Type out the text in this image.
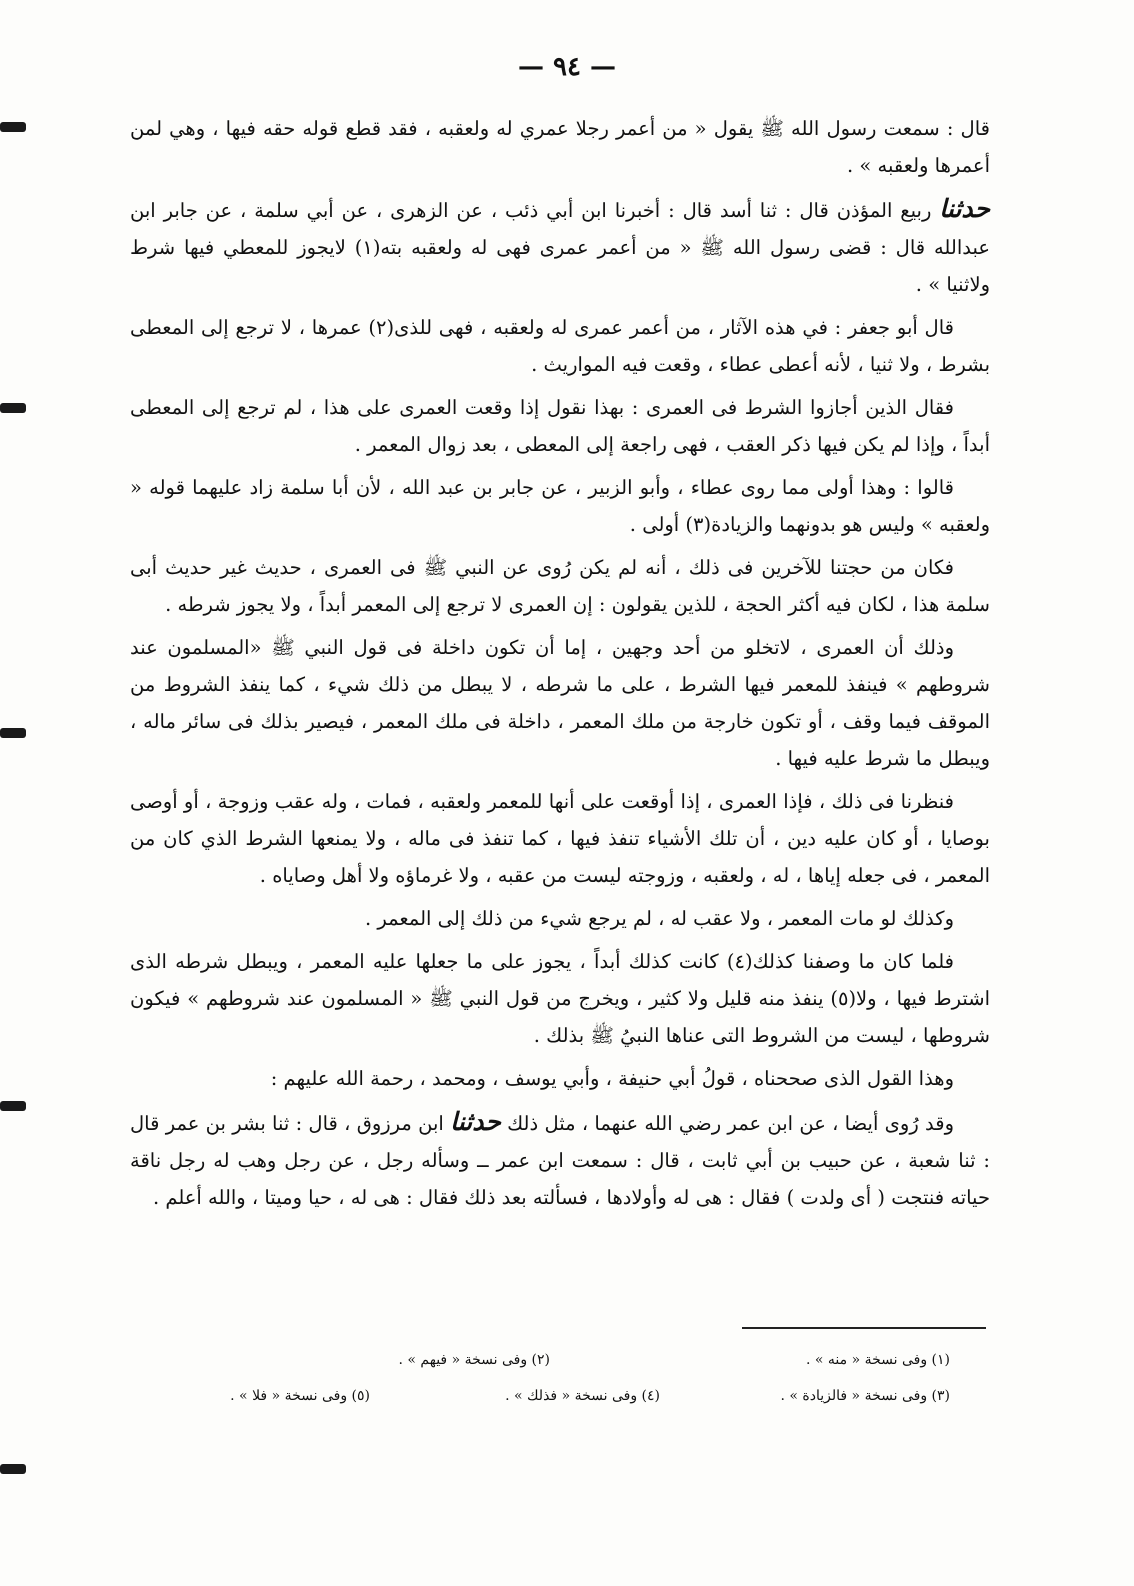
— ٩٤ —

قال : سمعت رسول الله ﷺ يقول « من أعمر رجلا عمري له ولعقبه ، فقد قطع قوله حقه فيها ، وهي لمن أعمرها ولعقبه » .

حدثنا ربيع المؤذن قال : ثنا أسد قال : أخبرنا ابن أبي ذئب ، عن الزهرى ، عن أبي سلمة ، عن جابر ابن عبدالله قال : قضى رسول الله ﷺ « من أعمر عمرى فهى له ولعقبه بته(١) لايجوز للمعطي فيها شرط ولاثنيا » .

قال أبو جعفر : في هذه الآثار ، من أعمر عمرى له ولعقبه ، فهى للذى(٢) عمرها ، لا ترجع إلى المعطى بشرط ، ولا ثنيا ، لأنه أعطى عطاء ، وقعت فيه المواريث .

فقال الذين أجازوا الشرط فى العمرى : بهذا نقول إذا وقعت العمرى على هذا ، لم ترجع إلى المعطى أبداً ، وإذا لم يكن فيها ذكر العقب ، فهى راجعة إلى المعطى ، بعد زوال المعمر .

قالوا : وهذا أولى مما روى عطاء ، وأبو الزبير ، عن جابر بن عبد الله ، لأن أبا سلمة زاد عليهما قوله « ولعقبه » وليس هو بدونهما والزيادة(٣) أولى .

فكان من حجتنا للآخرين فى ذلك ، أنه لم يكن رُوى عن النبي ﷺ فى العمرى ، حديث غير حديث أبى سلمة هذا ، لكان فيه أكثر الحجة ، للذين يقولون : إن العمرى لا ترجع إلى المعمر أبداً ، ولا يجوز شرطه .

وذلك أن العمرى ، لاتخلو من أحد وجهين ، إما أن تكون داخلة فى قول النبي ﷺ «المسلمون عند شروطهم » فينفذ للمعمر فيها الشرط ، على ما شرطه ، لا يبطل من ذلك شيء ، كما ينفذ الشروط من الموقف فيما وقف ، أو تكون خارجة من ملك المعمر ، داخلة فى ملك المعمر ، فيصير بذلك فى سائر ماله ، ويبطل ما شرط عليه فيها .

فنظرنا فى ذلك ، فإذا العمرى ، إذا أوقعت على أنها للمعمر ولعقبه ، فمات ، وله عقب وزوجة ، أو أوصى بوصايا ، أو كان عليه دين ، أن تلك الأشياء تنفذ فيها ، كما تنفذ فى ماله ، ولا يمنعها الشرط الذي كان من المعمر ، فى جعله إياها ، له ، ولعقبه ، وزوجته ليست من عقبه ، ولا غرماؤه ولا أهل وصاياه .

وكذلك لو مات المعمر ، ولا عقب له ، لم يرجع شيء من ذلك إلى المعمر .

فلما كان ما وصفنا كذلك(٤) كانت كذلك أبداً ، يجوز على ما جعلها عليه المعمر ، ويبطل شرطه الذى اشترط فيها ، ولا(٥) ينفذ منه قليل ولا كثير ، ويخرج من قول النبي ﷺ « المسلمون عند شروطهم » فيكون شروطها ، ليست من الشروط التى عناها النبيُ ﷺ بذلك .

وهذا القول الذى صححناه ، قولُ أبي حنيفة ، وأبي يوسف ، ومحمد ، رحمة الله عليهم :

وقد رُوى أيضا ، عن ابن عمر رضي الله عنهما ، مثل ذلك حدثنا ابن مرزوق ، قال : ثنا بشر بن عمر قال : ثنا شعبة ، عن حبيب بن أبي ثابت ، قال : سمعت ابن عمر ــ وسأله رجل ، عن رجل وهب له رجل ناقة حياته فنتجت ( أى ولدت ) فقال : هى له وأولادها ، فسألته بعد ذلك فقال : هى له ، حيا وميتا ، والله أعلم .

(١) وفى نسخة « منه » .
(٢) وفى نسخة « فيهم » .
(٣) وفى نسخة « فالزيادة » .
(٤) وفى نسخة « فذلك » .
(٥) وفى نسخة « فلا » .
